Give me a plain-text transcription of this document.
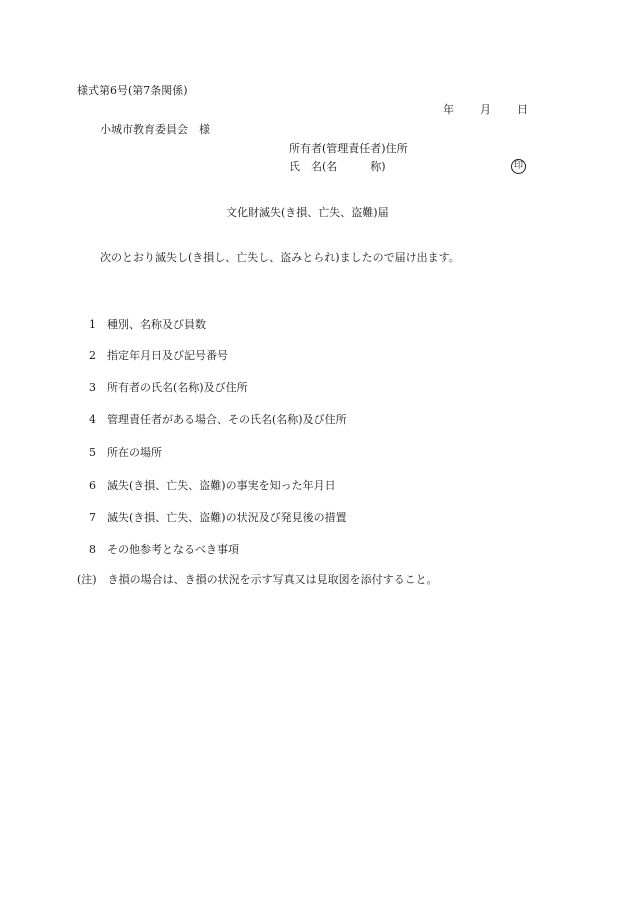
様式第6号(第7条関係)
年 月 日
小城市教育委員会　様
所有者(管理責任者)住所
氏　名(名　　　称)	印
文化財滅失(き損、亡失、盗難)届
次のとおり滅失し(き損し、亡失し、盗みとられ)ましたので届け出ます。
1 種別、名称及び員数
2 指定年月日及び記号番号
3 所有者の氏名(名称)及び住所
4 管理責任者がある場合、その氏名(名称)及び住所
5 所在の場所
6 滅失(き損、亡失、盗難)の事実を知った年月日
7 滅失(き損、亡失、盗難)の状況及び発見後の措置
8 その他参考となるべき事項
(注)　き損の場合は、き損の状況を示す写真又は見取図を添付すること。
